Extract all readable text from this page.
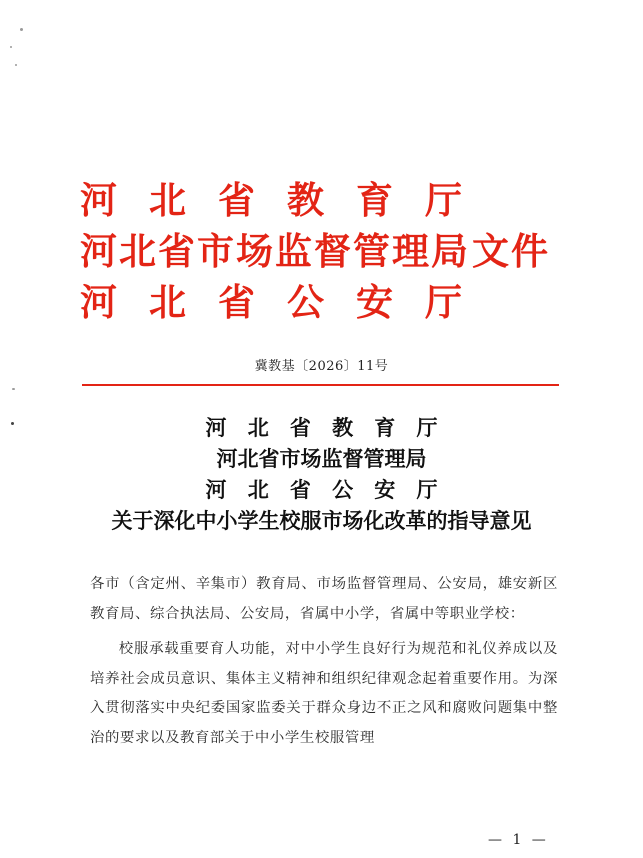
河 北 省 教 育 厅
河北省市场监督管理局 文件
河 北 省 公 安 厅
冀教基〔2026〕11号
河 北 省 教 育 厅
河北省市场监督管理局
河 北 省 公 安 厅
关于深化中小学生校服市场化改革的指导意见

各市（含定州、辛集市）教育局、市场监督管理局、公安局，雄安新区教育局、综合执法局、公安局，省属中小学，省属中等职业学校：

校服承载重要育人功能，对中小学生良好行为规范和礼仪养成以及培养社会成员意识、集体主义精神和组织纪律观念起着重要作用。为深入贯彻落实中央纪委国家监委关于群众身边不正之风和腐败问题集中整治的要求以及教育部关于中小学生校服管理

— 1 —
